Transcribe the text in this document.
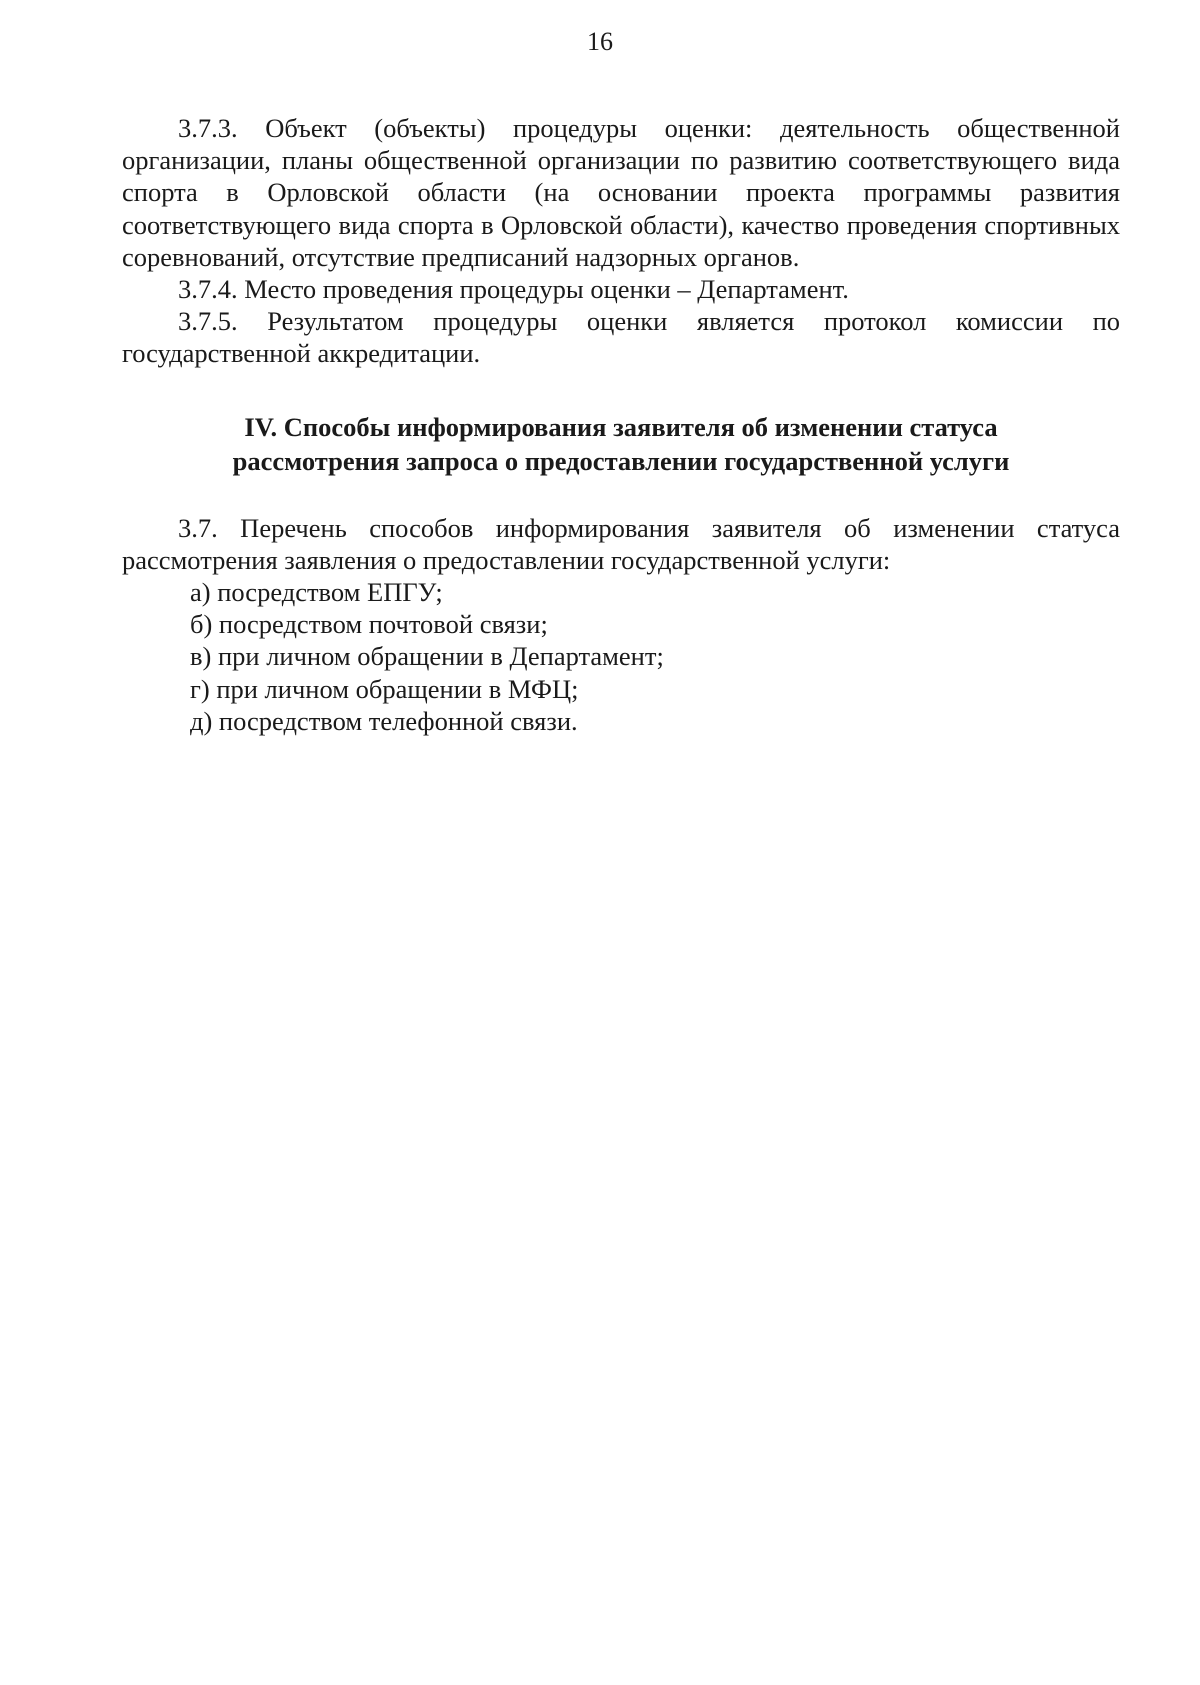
16

3.7.3. Объект (объекты) процедуры оценки: деятельность общественной организации, планы общественной организации по развитию соответствующего вида спорта в Орловской области (на основании проекта программы развития соответствующего вида спорта в Орловской области), качество проведения спортивных соревнований, отсутствие предписаний надзорных органов.

3.7.4. Место проведения процедуры оценки – Департамент.

3.7.5. Результатом процедуры оценки является протокол комиссии по государственной аккредитации.

IV. Способы информирования заявителя об изменении статуса
рассмотрения запроса о предоставлении государственной услуги

3.7. Перечень способов информирования заявителя об изменении статуса рассмотрения заявления о предоставлении государственной услуги:

а) посредством ЕПГУ;
б) посредством почтовой связи;
в) при личном обращении в Департамент;
г) при личном обращении в МФЦ;
д) посредством телефонной связи.
